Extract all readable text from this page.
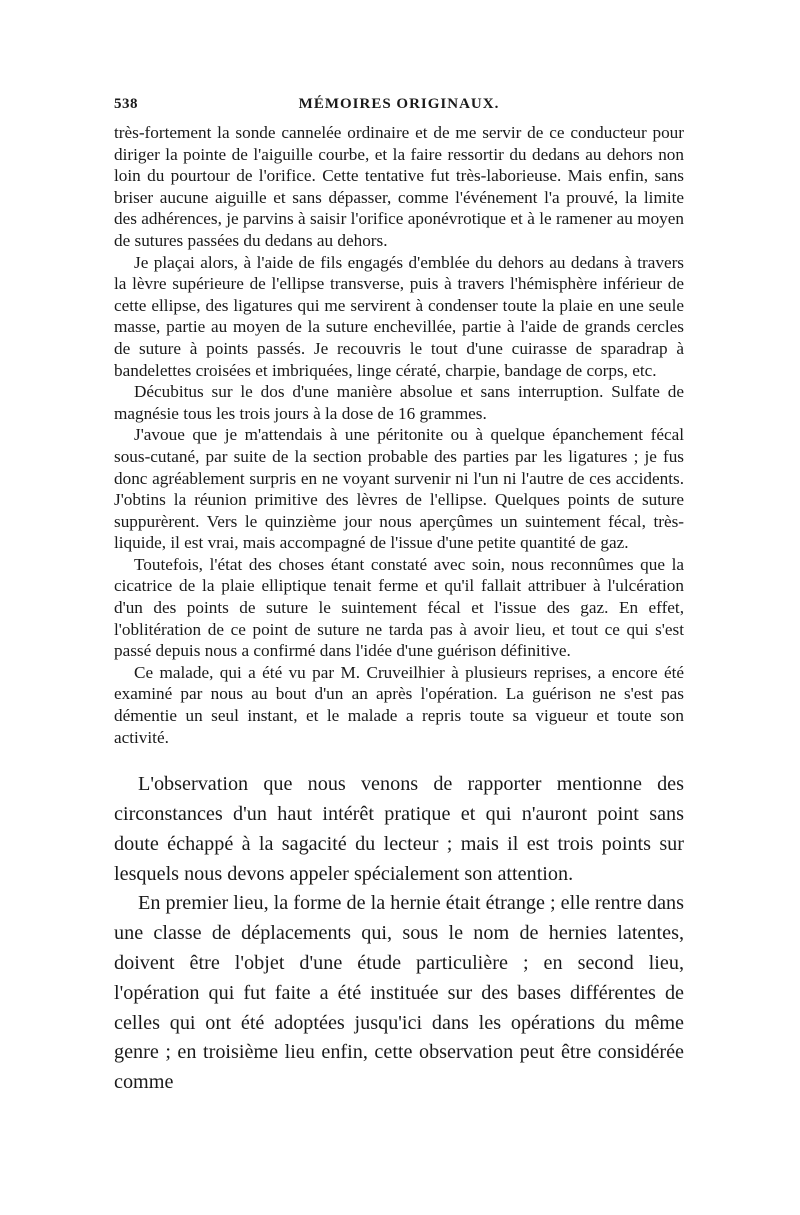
538	MÉMOIRES ORIGINAUX.

très-fortement la sonde cannelée ordinaire et de me servir de ce conducteur pour diriger la pointe de l'aiguille courbe, et la faire ressortir du dedans au dehors non loin du pourtour de l'orifice. Cette tentative fut très-laborieuse. Mais enfin, sans briser aucune aiguille et sans dépasser, comme l'événement l'a prouvé, la limite des adhérences, je parvins à saisir l'orifice aponévrotique et à le ramener au moyen de sutures passées du dedans au dehors.

Je plaçai alors, à l'aide de fils engagés d'emblée du dehors au dedans à travers la lèvre supérieure de l'ellipse transverse, puis à travers l'hémisphère inférieur de cette ellipse, des ligatures qui me servirent à condenser toute la plaie en une seule masse, partie au moyen de la suture enchevillée, partie à l'aide de grands cercles de suture à points passés. Je recouvris le tout d'une cuirasse de sparadrap à bandelettes croisées et imbriquées, linge cératé, charpie, bandage de corps, etc.

Décubitus sur le dos d'une manière absolue et sans interruption. Sulfate de magnésie tous les trois jours à la dose de 16 grammes.

J'avoue que je m'attendais à une péritonite ou à quelque épanchement fécal sous-cutané, par suite de la section probable des parties par les ligatures ; je fus donc agréablement surpris en ne voyant survenir ni l'un ni l'autre de ces accidents. J'obtins la réunion primitive des lèvres de l'ellipse. Quelques points de suture suppurèrent. Vers le quinzième jour nous aperçûmes un suintement fécal, très-liquide, il est vrai, mais accompagné de l'issue d'une petite quantité de gaz.

Toutefois, l'état des choses étant constaté avec soin, nous reconnûmes que la cicatrice de la plaie elliptique tenait ferme et qu'il fallait attribuer à l'ulcération d'un des points de suture le suintement fécal et l'issue des gaz. En effet, l'oblitération de ce point de suture ne tarda pas à avoir lieu, et tout ce qui s'est passé depuis nous a confirmé dans l'idée d'une guérison définitive.

Ce malade, qui a été vu par M. Cruveilhier à plusieurs reprises, a encore été examiné par nous au bout d'un an après l'opération. La guérison ne s'est pas démentie un seul instant, et le malade a repris toute sa vigueur et toute son activité.

L'observation que nous venons de rapporter mentionne des circonstances d'un haut intérêt pratique et qui n'auront point sans doute échappé à la sagacité du lecteur ; mais il est trois points sur lesquels nous devons appeler spécialement son attention.

En premier lieu, la forme de la hernie était étrange ; elle rentre dans une classe de déplacements qui, sous le nom de hernies latentes, doivent être l'objet d'une étude particulière ; en second lieu, l'opération qui fut faite a été instituée sur des bases différentes de celles qui ont été adoptées jusqu'ici dans les opérations du même genre ; en troisième lieu enfin, cette observation peut être considérée comme
